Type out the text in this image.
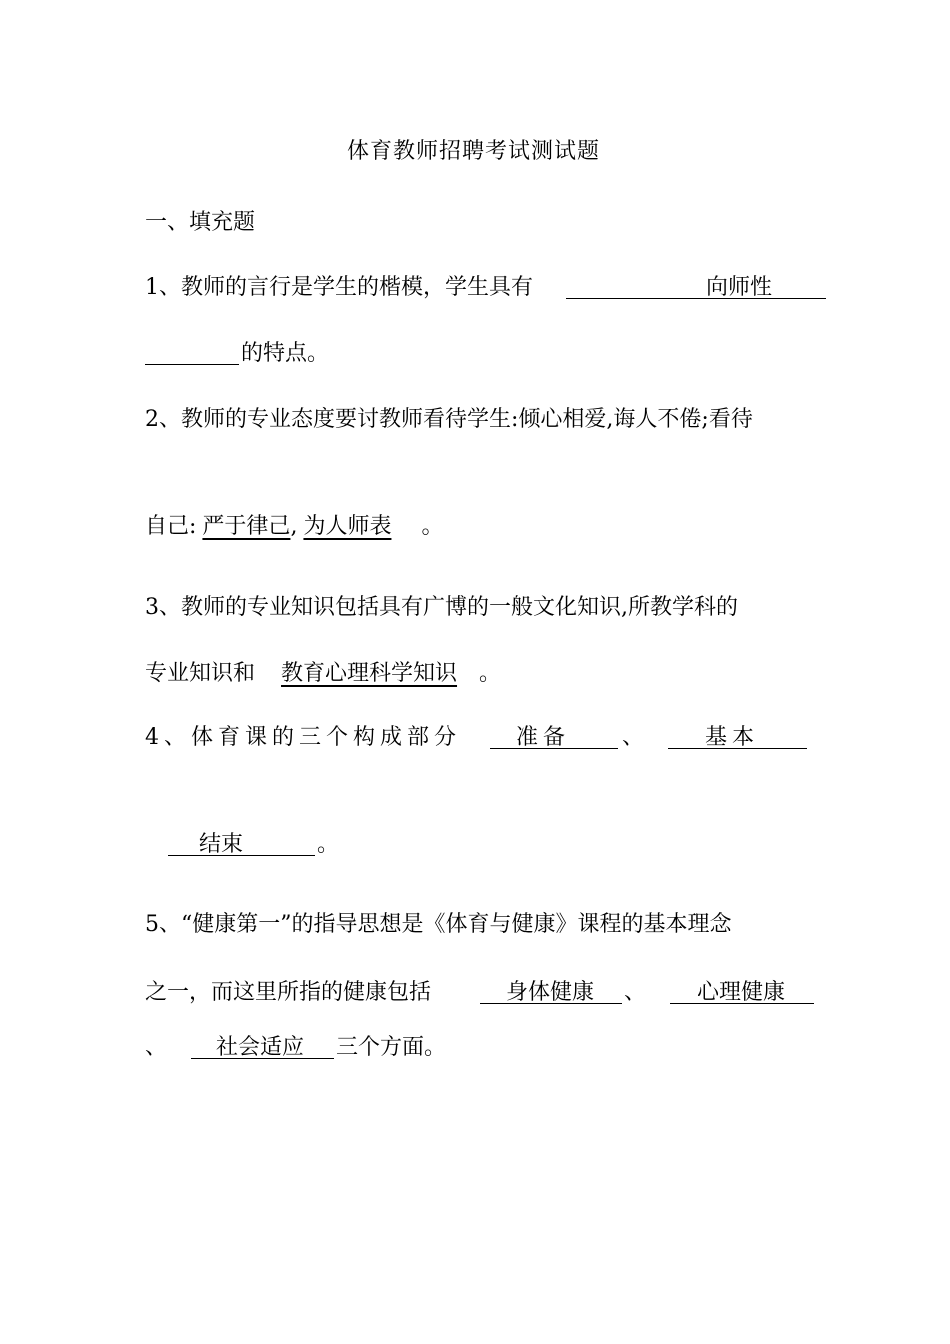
体育教师招聘考试测试题
一、填充题
1、教师的言行是学生的楷模，学生具有	向师性
的特点。
2、教师的专业态度要讨教师看待学生:倾心相爱,诲人不倦;看待
自己: 严于律己, 为人师表 。
3、教师的专业知识包括具有广博的一般文化知识,所教学科的
专业知识和 教育心理科学知识 。
4、体育课的三个构成部分	准备 、	基本
结束	。
5、“健康第一”的指导思想是《体育与健康》课程的基本理念
之一，而这里所指的健康包括	身体健康 、 心理健康
、 社会适应 三个方面。
